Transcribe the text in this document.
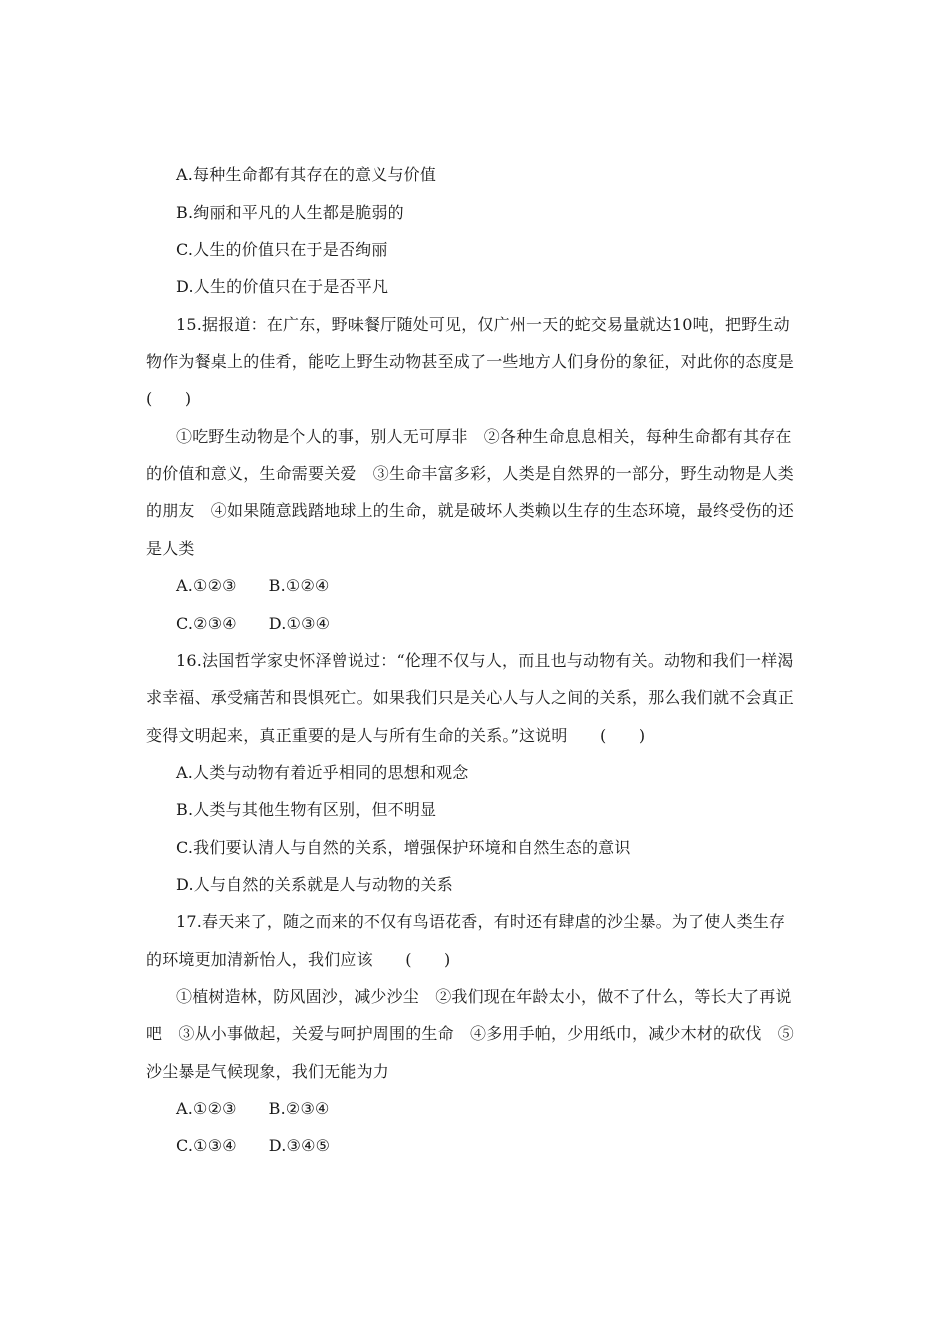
A.每种生命都有其存在的意义与价值
B.绚丽和平凡的人生都是脆弱的
C.人生的价值只在于是否绚丽
D.人生的价值只在于是否平凡
15.据报道：在广东，野味餐厅随处可见，仅广州一天的蛇交易量就达10吨，把野生动
物作为餐桌上的佳肴，能吃上野生动物甚至成了一些地方人们身份的象征，对此你的态度是
(　　)
①吃野生动物是个人的事，别人无可厚非　②各种生命息息相关，每种生命都有其存在
的价值和意义，生命需要关爱　③生命丰富多彩，人类是自然界的一部分，野生动物是人类
的朋友　④如果随意践踏地球上的生命，就是破坏人类赖以生存的生态环境，最终受伤的还
是人类
A.①②③ B.①②④
C.②③④ D.①③④
16.法国哲学家史怀泽曾说过：“伦理不仅与人，而且也与动物有关。动物和我们一样渴
求幸福、承受痛苦和畏惧死亡。如果我们只是关心人与人之间的关系，那么我们就不会真正
变得文明起来，真正重要的是人与所有生命的关系。”这说明　　(　　)
A.人类与动物有着近乎相同的思想和观念
B.人类与其他生物有区别，但不明显
C.我们要认清人与自然的关系，增强保护环境和自然生态的意识
D.人与自然的关系就是人与动物的关系
17.春天来了，随之而来的不仅有鸟语花香，有时还有肆虐的沙尘暴。为了使人类生存
的环境更加清新怡人，我们应该　　(　　)
①植树造林，防风固沙，减少沙尘　②我们现在年龄太小，做不了什么，等长大了再说
吧　③从小事做起，关爱与呵护周围的生命　④多用手帕，少用纸巾，减少木材的砍伐　⑤
沙尘暴是气候现象，我们无能为力
A.①②③ B.②③④
C.①③④ D.③④⑤
